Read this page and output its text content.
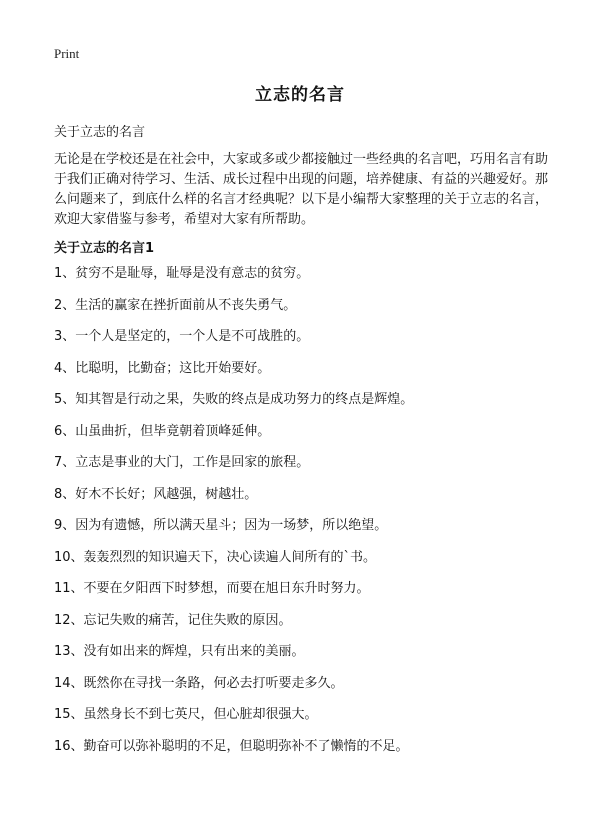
Print
立志的名言
关于立志的名言
无论是在学校还是在社会中，大家或多或少都接触过一些经典的名言吧，巧用名言有助于我们正确对待学习、生活、成长过程中出现的问题，培养健康、有益的兴趣爱好。那么问题来了，到底什么样的名言才经典呢？以下是小编帮大家整理的关于立志的名言，欢迎大家借鉴与参考，希望对大家有所帮助。
关于立志的名言1
1、贫穷不是耻辱，耻辱是没有意志的贫穷。
2、生活的赢家在挫折面前从不丧失勇气。
3、一个人是坚定的，一个人是不可战胜的。
4、比聪明，比勤奋；这比开始要好。
5、知其智是行动之果，失败的终点是成功努力的终点是辉煌。
6、山虽曲折，但毕竟朝着顶峰延伸。
7、立志是事业的大门，工作是回家的旅程。
8、好木不长好；风越强，树越壮。
9、因为有遗憾，所以满天星斗；因为一场梦，所以绝望。
10、轰轰烈烈的知识遍天下，决心读遍人间所有的`书。
11、不要在夕阳西下时梦想，而要在旭日东升时努力。
12、忘记失败的痛苦，记住失败的原因。
13、没有如出来的辉煌，只有出来的美丽。
14、既然你在寻找一条路，何必去打听要走多久。
15、虽然身长不到七英尺，但心脏却很强大。
16、勤奋可以弥补聪明的不足，但聪明弥补不了懒惰的不足。
